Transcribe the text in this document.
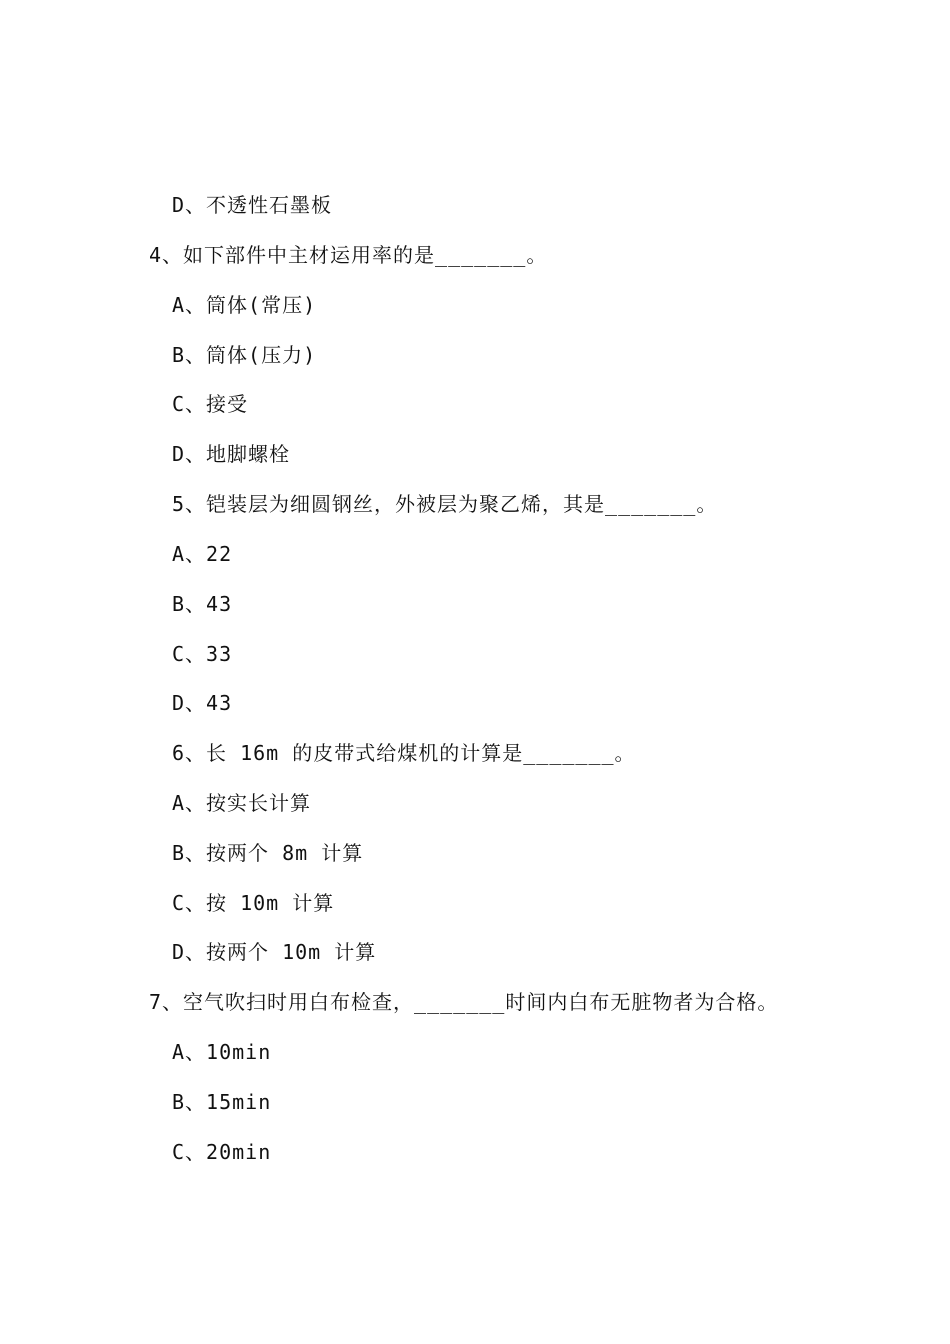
D、不透性石墨板
4、如下部件中主材运用率的是_______。
A、筒体(常压)
B、筒体(压力)
C、接受
D、地脚螺栓
5、铠装层为细圆钢丝，外被层为聚乙烯，其是_______。
A、22
B、43
C、33
D、43
6、长 16m 的皮带式给煤机的计算是_______。
A、按实长计算
B、按两个 8m 计算
C、按 10m 计算
D、按两个 10m 计算
7、空气吹扫时用白布检查，_______时间内白布无脏物者为合格。
A、10min
B、15min
C、20min
